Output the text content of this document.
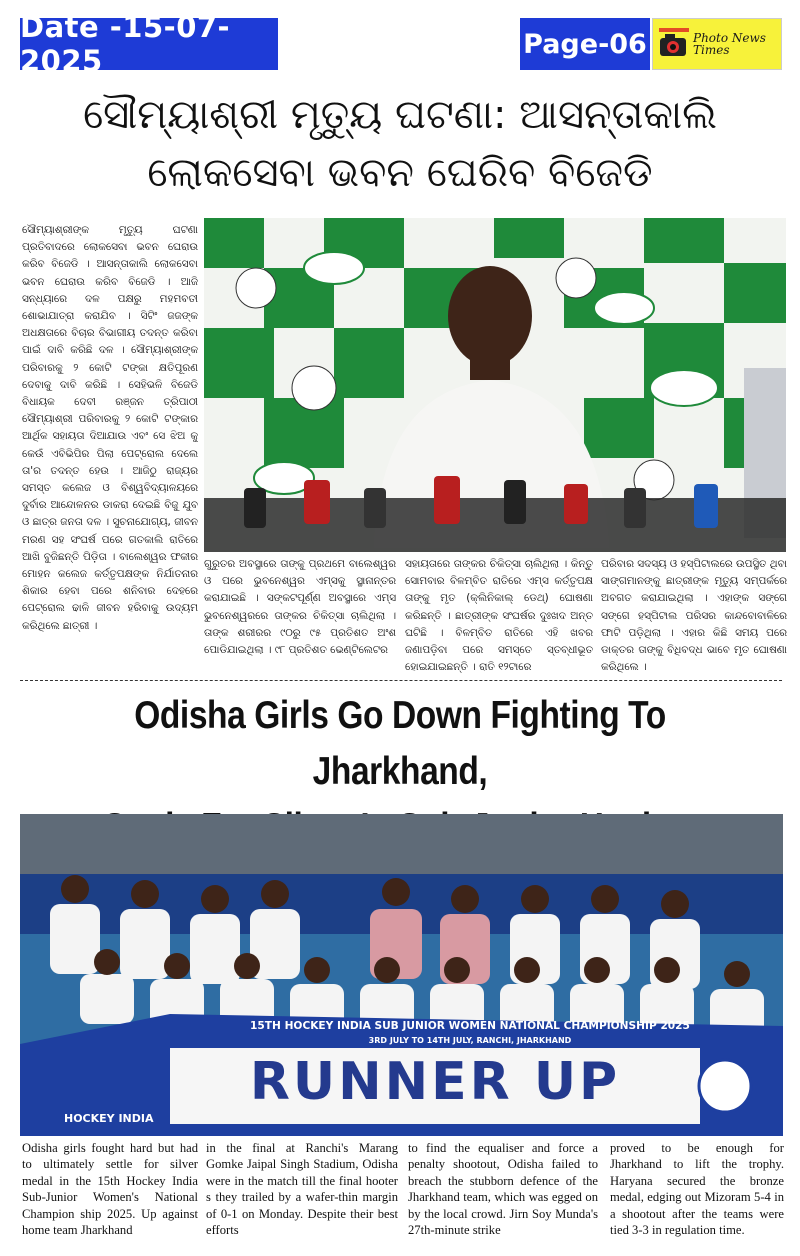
Date -15-07-2025	Page-06	Photo News Times
ସୌମ୍ୟାଶ୍ରୀ ମୃତ୍ୟୁ ଘଟଣା: ଆସନ୍ତାକାଲି
ଲୋକସେବା ଭବନ ଘେରିବ ବିଜେଡି
ସୌମ୍ୟାଶ୍ରୀଙ୍କ ମୃତ୍ୟୁ ଘଟଣା ପ୍ରତିବାଦରେ ଲୋକସେବା ଭବନ ଘେରାଉ କରିବ ବିଜେଡି । ଆସନ୍ତାକାଲି ଲୋକସେବା ଭବନ ଘେରାଉ କରିବ ବିଜେଡି । ଆଜି ସନ୍ଧ୍ୟାରେ ଦଳ ପକ୍ଷରୁ ମହମବତୀ ଶୋଭାଯାତ୍ରା କରାଯିବ । ସିଟିଂ ଜଜଙ୍କ ଅଧକ୍ଷତାରେ ବିଚାର ବିଭାଗୀୟ ତଦନ୍ତ କରିବା ପାଇଁ ଦାବି କରିଛି ଦଳ । ସୌମ୍ୟାଶ୍ରୀଙ୍କ ପରିବାରକୁ ୨ କୋଟି ଟଙ୍କା କ୍ଷତିପୂରଣ ଦେବାକୁ ଦାବି କରିଛି । ସେହିଭଳି ବିଜେଡି ବିଧାୟକ ଦେବୀ ରଞ୍ଜନ ତ୍ରିପାଠୀ ସୌମ୍ୟାଶ୍ରୀ ପରିବାରକୁ ୨ କୋଟି ଟଙ୍କାର ଆର୍ଥିକ ସହାୟତା ଦିଆଯାଉ ଏବଂ ସେ ଝିଅ କୁ କେଉଁ ଏବିଭିପିର ପିଲା ପେଟ୍ରୋଲ ଦେଲେ ତା'ର ତଦନ୍ତ ହେଉ । ଆଜିଠୁ ରାଜ୍ୟର ସମସ୍ତ କଲେଜ ଓ ବିଶ୍ୱବିଦ୍ୟାଳୟରେ ଦୁର୍ବାର ଆନ୍ଦୋଳନର ଡାକରା ଦେଇଛି ବିଜୁ ଯୁବ ଓ ଛାତ୍ର ଜନତା ଦଳ । ସୁଚନାଯୋଗ୍ୟ, ଜୀବନ ମରଣ ସହ ସଂଘର୍ଷ ପରେ ଗତକାଲି ରାତିରେ ଆଖି ବୁଜିଛନ୍ତି ପିଡ଼ିତା । ବାଲେଶ୍ୱର ଫକୀର ମୋହନ କଲେଜ କର୍ତ୍ତୃପକ୍ଷଙ୍କ ନିର୍ଯାତନାର ଶିକାର ହେବା ପରେ ଶନିବାର ଦେହରେ ପେଟ୍ରୋଲ ଢାଳି ଜୀବନ ହରିବାକୁ ଉଦ୍ୟମ କରିଥିଲେ ଛାତ୍ରୀ ।
ଗୁରୁତର ଅବସ୍ଥାରେ ତାଙ୍କୁ ପ୍ରଥମେ ବାଲେଶ୍ୱର ଓ ପରେ ଭୁବନେଶ୍ୱର ଏମ୍ସକୁ ସ୍ଥାନାନ୍ତର କରାଯାଇଛି । ସଙ୍କଟପୂର୍ଣ୍ଣ ଅବସ୍ଥାରେ ଏମ୍ସ ଭୁବନେଶ୍ୱରରେ ତାଙ୍କର ଚିକିତ୍ସା ଚାଲିଥିଲା । ତାଙ୍କ ଶରୀରର ୯୦ରୁ ୯୫ ପ୍ରତିଶତ ଅଂଶ ପୋଡିଯାଇଥିଲା । ୯୮ ପ୍ରତିଶତ ଭେଣ୍ଟିଲେଟର
ସହାୟତାରେ ତାଙ୍କର ଚିକିତ୍ସା ଚାଲିଥିଲା । କିନ୍ତୁ ସୋମବାର ବିଳମ୍ବିତ ରାତିରେ ଏମ୍ସ କର୍ତ୍ତୃପକ୍ଷ ତାଙ୍କୁ ମୃତ (କ୍ଲିନିକାଲ୍ ଡେଥ୍) ଘୋଷଣା କରିଛନ୍ତି । ଛାତ୍ରୀଙ୍କ ସଂଘର୍ଷର ଦୁଃଖଦ ଅନ୍ତ ଘଟିଛି । ବିଳମ୍ବିତ ରାତିରେ ଏହି ଖବର ଜଣାପଡ଼ିବା ପରେ ସମସ୍ତେ ସ୍ତବ୍ଧୀଭୂତ ହୋଇଯାଇଛନ୍ତି । ରାତି ୧୨ଟାରେ
ପରିବାର ସଦସ୍ୟ ଓ ହସ୍ପିଟାଲରେ ଉପସ୍ଥିତ ଥିବା ସାଙ୍ଗମାନଙ୍କୁ ଛାତ୍ରୀଙ୍କ ମୃତ୍ୟୁ ସମ୍ପର୍କରେ ଅବଗତ କରାଯାଇଥିଲା । ଏହାଙ୍କ ସଙ୍ଗେ ସଙ୍ଗେ ହସ୍ପିଟାଲ ପରିସର କାନ୍ଦବୋବାଳିରେ ଫାଟି ପଡ଼ିଥିଲା । ଏହାର କିଛି ସମୟ ପରେ ଡାକ୍ତର ତାଙ୍କୁ ବିଧିବଦ୍ଧ ଭାବେ ମୃତ ଘୋଷଣା କରିଥିଲେ ।
Odisha Girls Go Down Fighting To Jharkhand,
15TH HOCKEY INDIA SUB JUNIOR WOMEN NATIONAL CHAMPIONSHIP 2025
3RD JULY TO 14TH JULY, RANCHI, JHARKHAND
RUNNER UP
HOCKEY INDIA
Odisha girls fought hard but had to ultimately settle for silver medal in the 15th Hockey India Sub-Junior Women's National Champion ship 2025. Up against home team Jharkhand
in the final at Ranchi's Marang Gomke Jaipal Singh Stadium, Odisha were in the match till the final hooter s they trailed by a wafer-thin margin of 0-1 on Monday. Despite their best efforts
to find the equaliser and force a penalty shootout, Odisha failed to breach the stubborn defence of the Jharkhand team, which was egged on by the local crowd. Jirn Soy Munda's 27th-minute strike
proved to be enough for Jharkhand to lift the trophy. Haryana secured the bronze medal, edging out Mizoram 5-4 in a shootout after the teams were tied 3-3 in regulation time.
